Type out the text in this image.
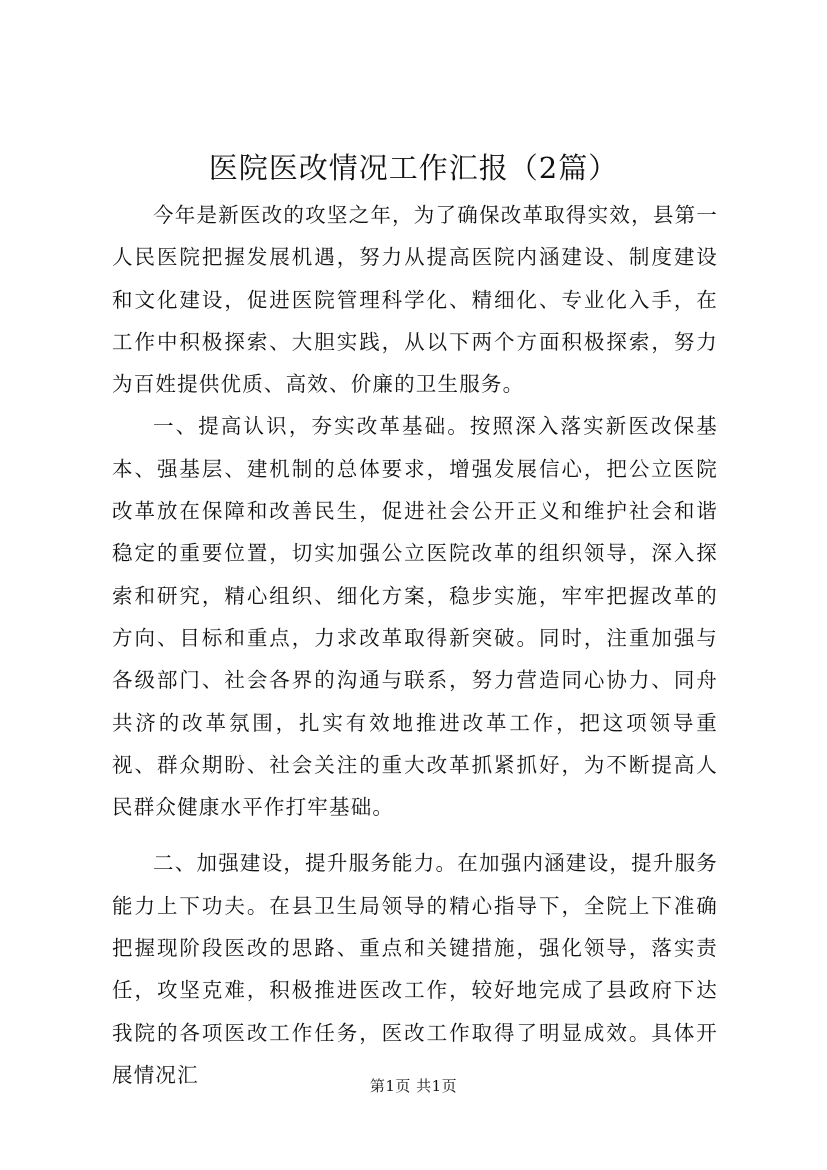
医院医改情况工作汇报（2篇）

今年是新医改的攻坚之年，为了确保改革取得实效，县第一人民医院把握发展机遇，努力从提高医院内涵建设、制度建设和文化建设，促进医院管理科学化、精细化、专业化入手，在工作中积极探索、大胆实践，从以下两个方面积极探索，努力为百姓提供优质、高效、价廉的卫生服务。

一、提高认识，夯实改革基础。按照深入落实新医改保基本、强基层、建机制的总体要求，增强发展信心，把公立医院改革放在保障和改善民生，促进社会公开正义和维护社会和谐稳定的重要位置，切实加强公立医院改革的组织领导，深入探索和研究，精心组织、细化方案，稳步实施，牢牢把握改革的方向、目标和重点，力求改革取得新突破。同时，注重加强与各级部门、社会各界的沟通与联系，努力营造同心协力、同舟共济的改革氛围，扎实有效地推进改革工作，把这项领导重视、群众期盼、社会关注的重大改革抓紧抓好，为不断提高人民群众健康水平作打牢基础。

二、加强建设，提升服务能力。在加强内涵建设，提升服务能力上下功夫。在县卫生局领导的精心指导下，全院上下准确把握现阶段医改的思路、重点和关键措施，强化领导，落实责任，攻坚克难，积极推进医改工作，较好地完成了县政府下达我院的各项医改工作任务，医改工作取得了明显成效。具体开展情况汇	第1页 共1页
